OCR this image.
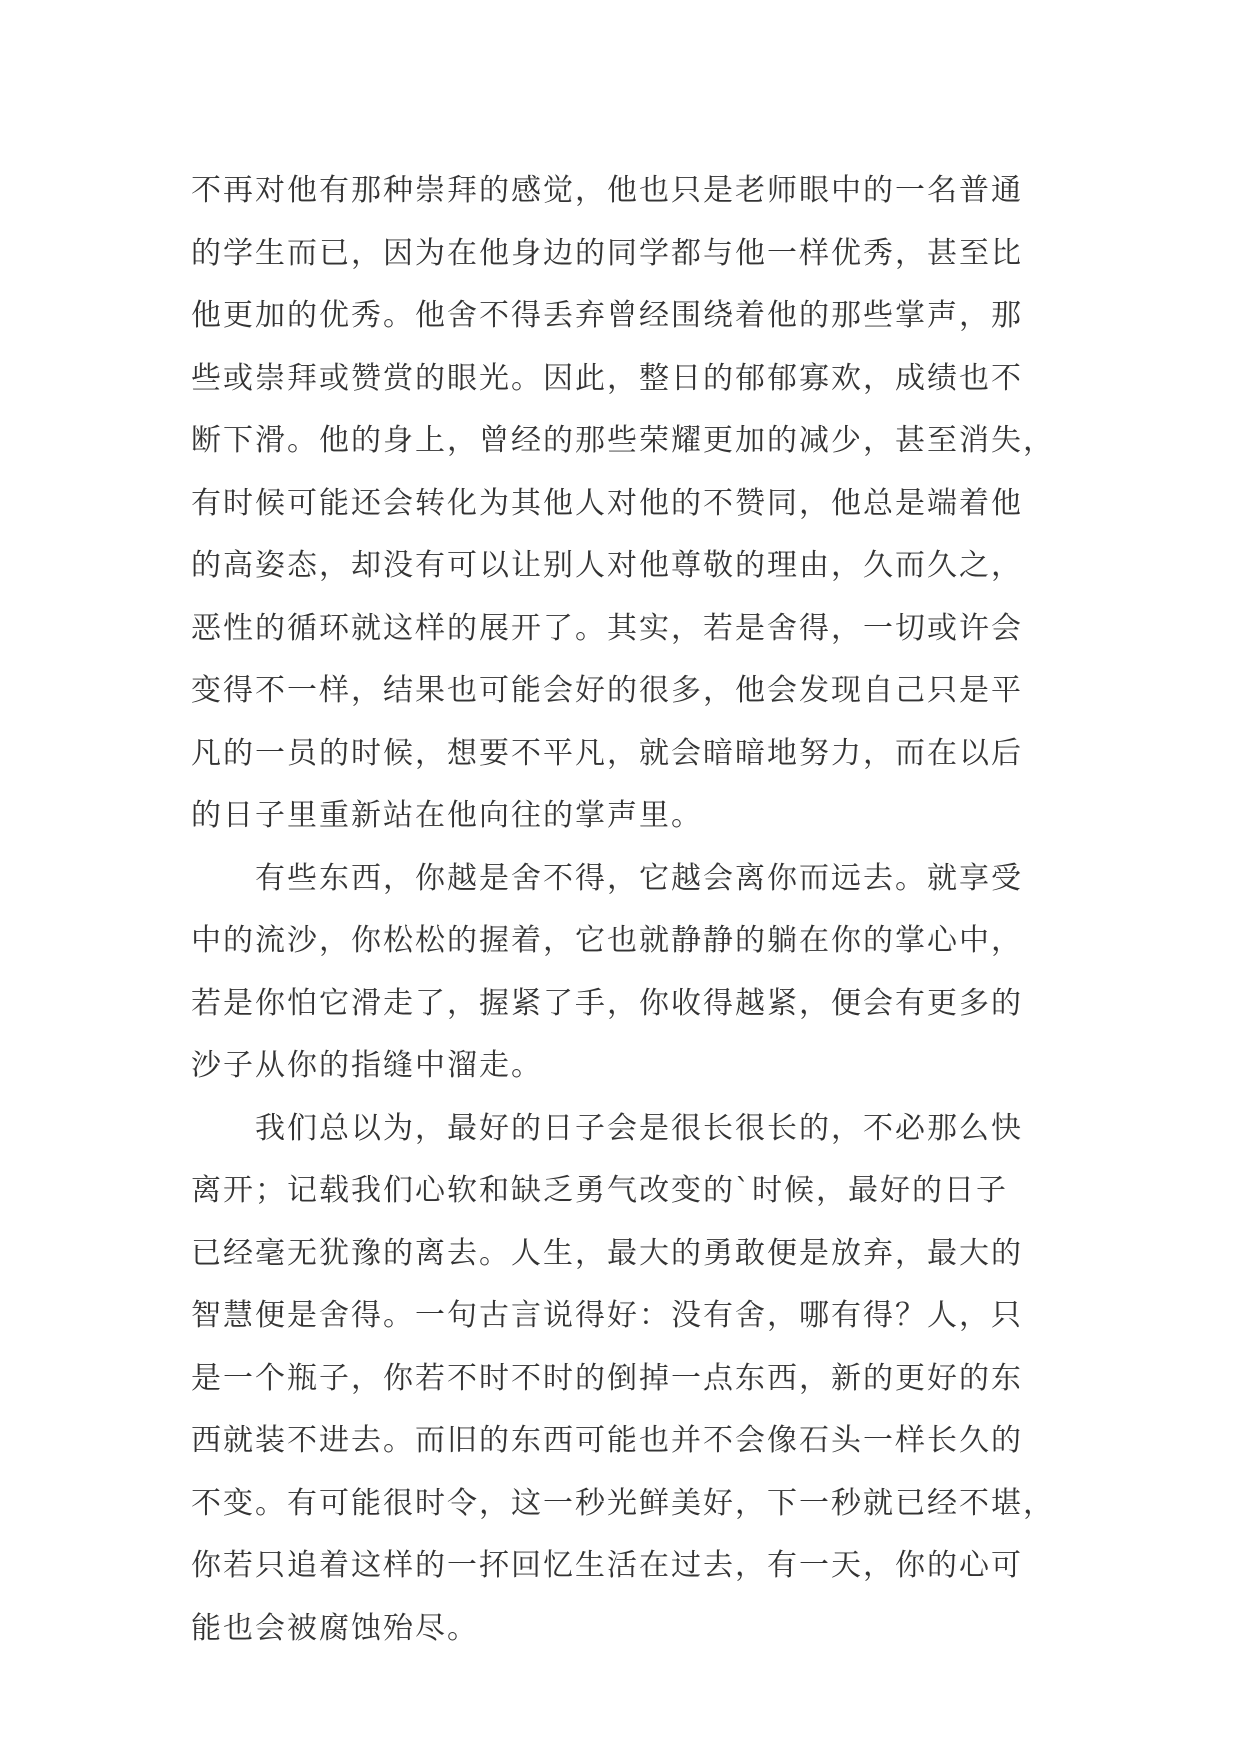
不再对他有那种崇拜的感觉，他也只是老师眼中的一名普通
的学生而已，因为在他身边的同学都与他一样优秀，甚至比
他更加的优秀。他舍不得丢弃曾经围绕着他的那些掌声，那
些或崇拜或赞赏的眼光。因此，整日的郁郁寡欢，成绩也不
断下滑。他的身上，曾经的那些荣耀更加的减少，甚至消失，
有时候可能还会转化为其他人对他的不赞同，他总是端着他
的高姿态，却没有可以让别人对他尊敬的理由，久而久之，
恶性的循环就这样的展开了。其实，若是舍得，一切或许会
变得不一样，结果也可能会好的很多，他会发现自己只是平
凡的一员的时候，想要不平凡，就会暗暗地努力，而在以后
的日子里重新站在他向往的掌声里。
有些东西，你越是舍不得，它越会离你而远去。就享受
中的流沙，你松松的握着，它也就静静的躺在你的掌心中，
若是你怕它滑走了，握紧了手，你收得越紧，便会有更多的
沙子从你的指缝中溜走。
我们总以为，最好的日子会是很长很长的，不必那么快
离开；记载我们心软和缺乏勇气改变的`时候，最好的日子
已经毫无犹豫的离去。人生，最大的勇敢便是放弃，最大的
智慧便是舍得。一句古言说得好：没有舍，哪有得？人，只
是一个瓶子，你若不时不时的倒掉一点东西，新的更好的东
西就装不进去。而旧的东西可能也并不会像石头一样长久的
不变。有可能很时令，这一秒光鲜美好，下一秒就已经不堪，
你若只追着这样的一抔回忆生活在过去，有一天，你的心可
能也会被腐蚀殆尽。
